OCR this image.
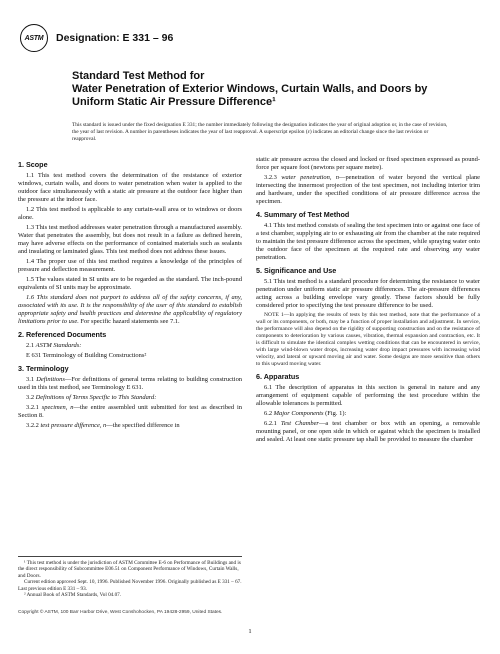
ASTM Designation: E 331 – 96
Standard Test Method for
Water Penetration of Exterior Windows, Curtain Walls, and Doors by Uniform Static Air Pressure Difference¹
This standard is issued under the fixed designation E 331; the number immediately following the designation indicates the year of original adoption or, in the case of revision, the year of last revision. A number in parentheses indicates the year of last reapproval. A superscript epsilon (ε) indicates an editorial change since the last revision or reapproval.
1. Scope

1.1 This test method covers the determination of the resistance of exterior windows, curtain walls, and doors to water penetration when water is applied to the outdoor face simultaneously with a static air pressure at the outdoor face higher than the pressure at the indoor face.

1.2 This test method is applicable to any curtain-wall area or to windows or doors alone.

1.3 This test method addresses water penetration through a manufactured assembly. Water that penetrates the assembly, but does not result in a failure as defined herein, may have adverse effects on the performance of contained materials such as sealants and insulating or laminated glass. This test method does not address these issues.

1.4 The proper use of this test method requires a knowledge of the principles of pressure and deflection measurement.

1.5 The values stated in SI units are to be regarded as the standard. The inch-pound equivalents of SI units may be approximate.

1.6 This standard does not purport to address all of the safety concerns, if any, associated with its use. It is the responsibility of the user of this standard to establish appropriate safety and health practices and determine the applicability of regulatory limitations prior to use. For specific hazard statements see 7.1.

2. Referenced Documents

2.1 ASTM Standards:

E 631 Terminology of Building Constructions²

3. Terminology

3.1 Definitions—For definitions of general terms relating to building construction used in this test method, see Terminology E 631.

3.2 Definitions of Terms Specific to This Standard:

3.2.1 specimen, n—the entire assembled unit submitted for test as described in Section 8.

3.2.2 test pressure difference, n—the specified difference in

¹ This test method is under the jurisdiction of ASTM Committee E-6 on Performance of Buildings and is the direct responsibility of Subcommittee E06.51 on Component Performance of Windows, Curtain Walls, and Doors.
Current edition approved Sept. 10, 1996. Published November 1996. Originally published as E 331 – 67. Last previous edition E 331 – 93.
² Annual Book of ASTM Standards, Vol 04.07.

static air pressure across the closed and locked or fixed specimen expressed as pound-force per square foot (newtons per square metre).

3.2.3 water penetration, n—penetration of water beyond the vertical plane intersecting the innermost projection of the test specimen, not including interior trim and hardware, under the specified conditions of air pressure difference across the specimen.

4. Summary of Test Method

4.1 This test method consists of sealing the test specimen into or against one face of a test chamber, supplying air to or exhausting air from the chamber at the rate required to maintain the test pressure difference across the specimen, while spraying water onto the outdoor face of the specimen at the required rate and observing any water penetration.

5. Significance and Use

5.1 This test method is a standard procedure for determining the resistance to water penetration under uniform static air pressure differences. The air-pressure differences acting across a building envelope vary greatly. These factors should be fully considered prior to specifying the test pressure difference to be used.

NOTE 1—In applying the results of tests by this test method, note that the performance of a wall or its components, or both, may be a function of proper installation and adjustment. In service, the performance will also depend on the rigidity of supporting construction and on the resistance of components to deterioration by various causes, vibration, thermal expansion and contraction, etc. It is difficult to simulate the identical complex wetting conditions that can be encountered in service, with large wind-blown water drops, increasing water drop impact pressures with increasing wind velocity, and lateral or upward moving air and water. Some designs are more sensitive than others to this upward moving water.

6. Apparatus

6.1 The description of apparatus in this section is general in nature and any arrangement of equipment capable of performing the test procedure within the allowable tolerances is permitted.

6.2 Major Components (Fig. 1):

6.2.1 Test Chamber—a test chamber or box with an opening, a removable mounting panel, or one open side in which or against which the specimen is installed and sealed. At least one static pressure tap shall be provided to measure the chamber

Copyright © ASTM, 100 Barr Harbor Drive, West Conshohocken, PA 19428-2959, United States.
1
